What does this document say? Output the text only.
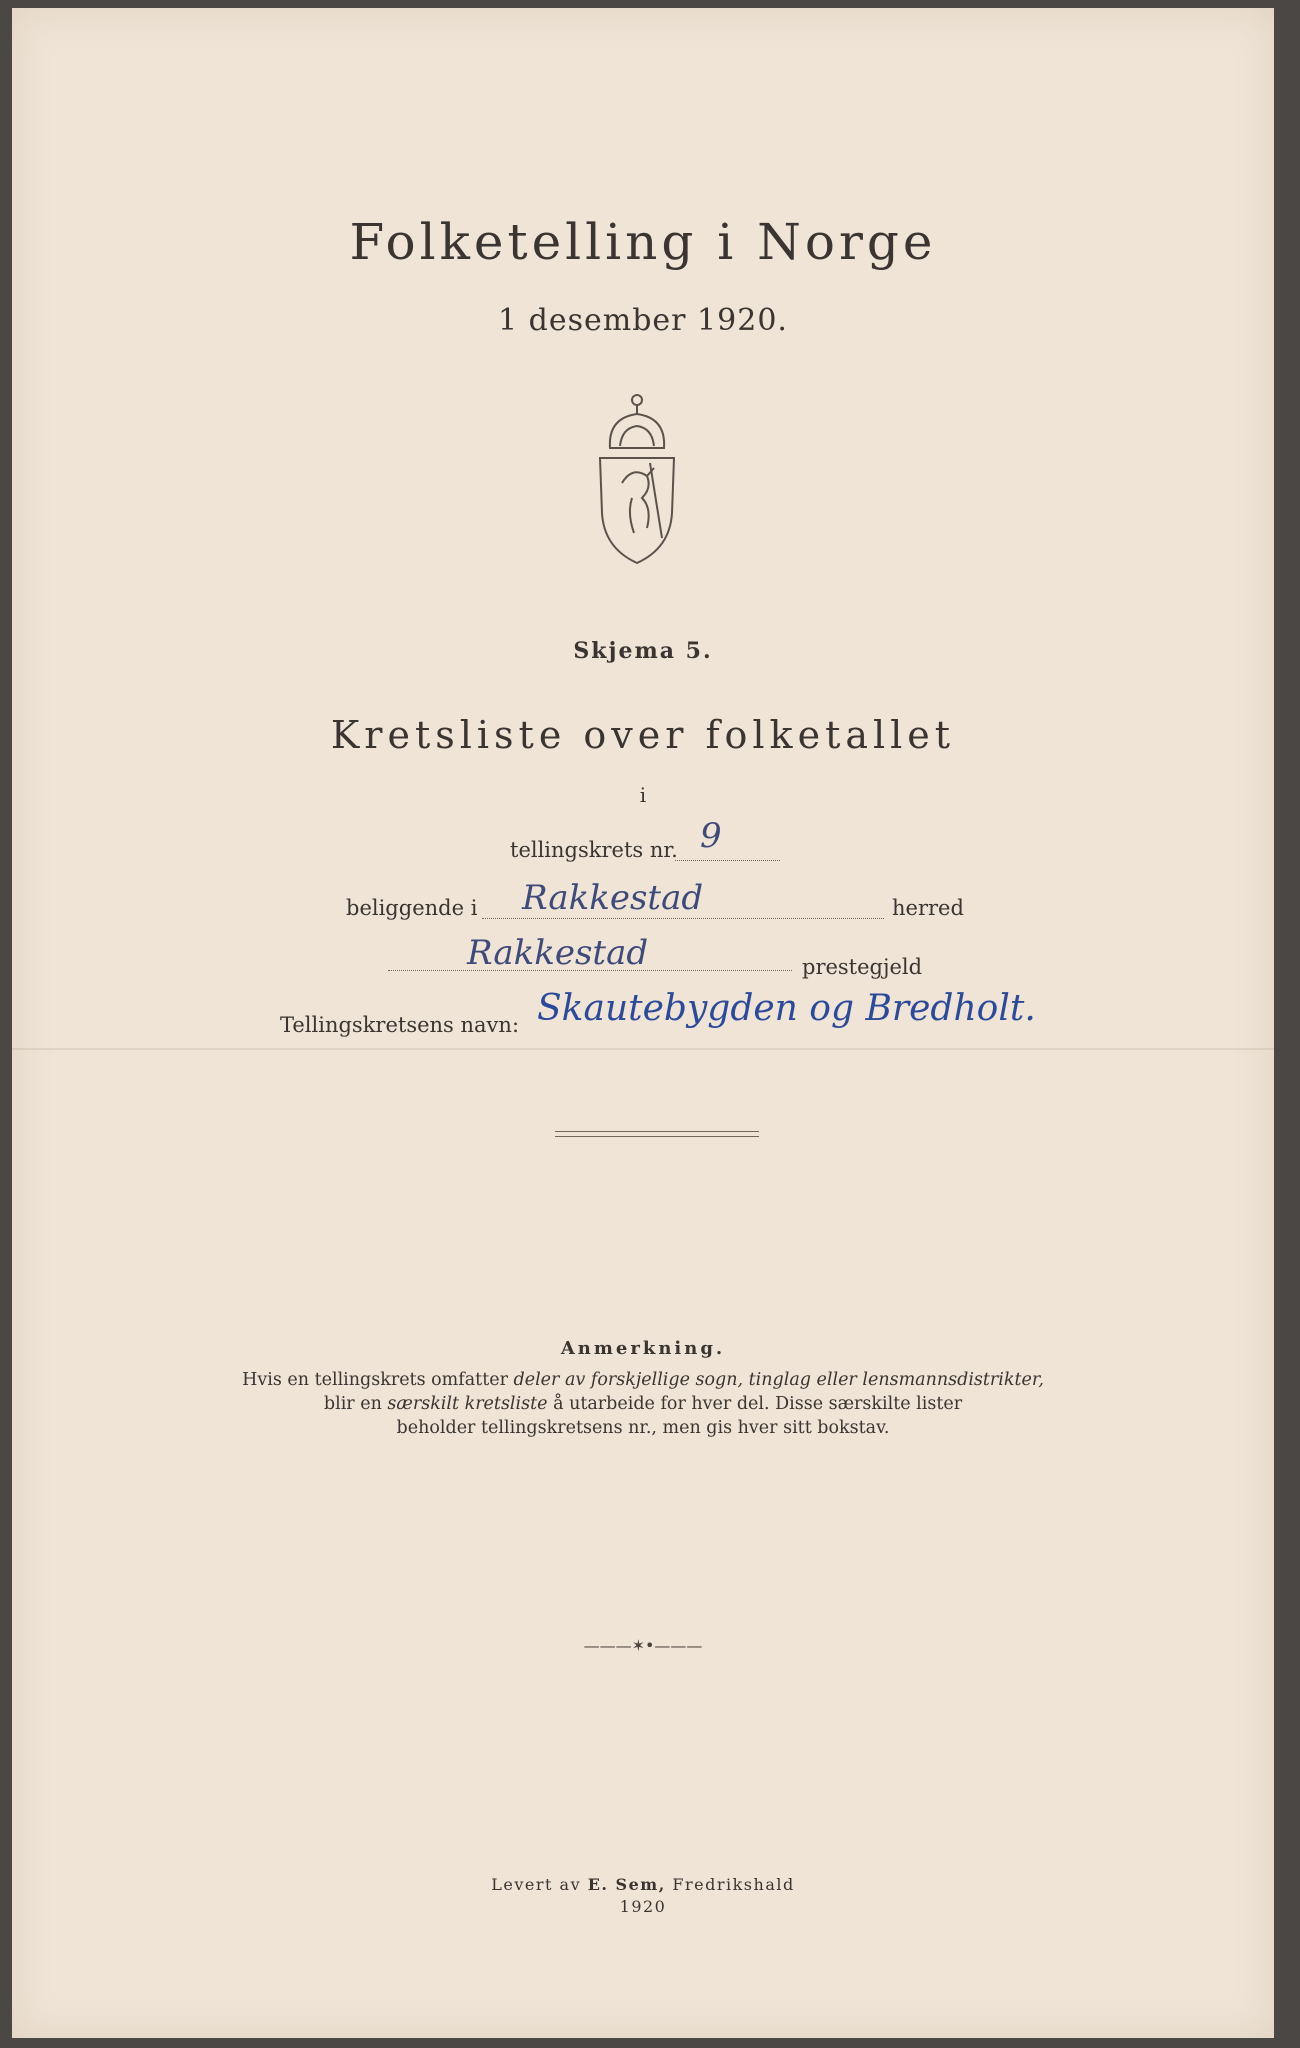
Folketelling i Norge
1 desember 1920.
Skjema 5.
Kretsliste over folketallet
i
tellingskrets nr. 9
beliggende i Rakkestad	herred
Rakkestad	prestegjeld
Tellingskretsens navn: Skautebygden og Bredholt.
Anmerkning.
Hvis en tellingskrets omfatter deler av forskjellige sogn, tinglag eller lensmannsdistrikter,
blir en særskilt kretsliste å utarbeide for hver del. Disse særskilte lister
beholder tellingskretsens nr., men gis hver sitt bokstav.
———✶•———
Levert av E. Sem, Fredrikshald
1920
